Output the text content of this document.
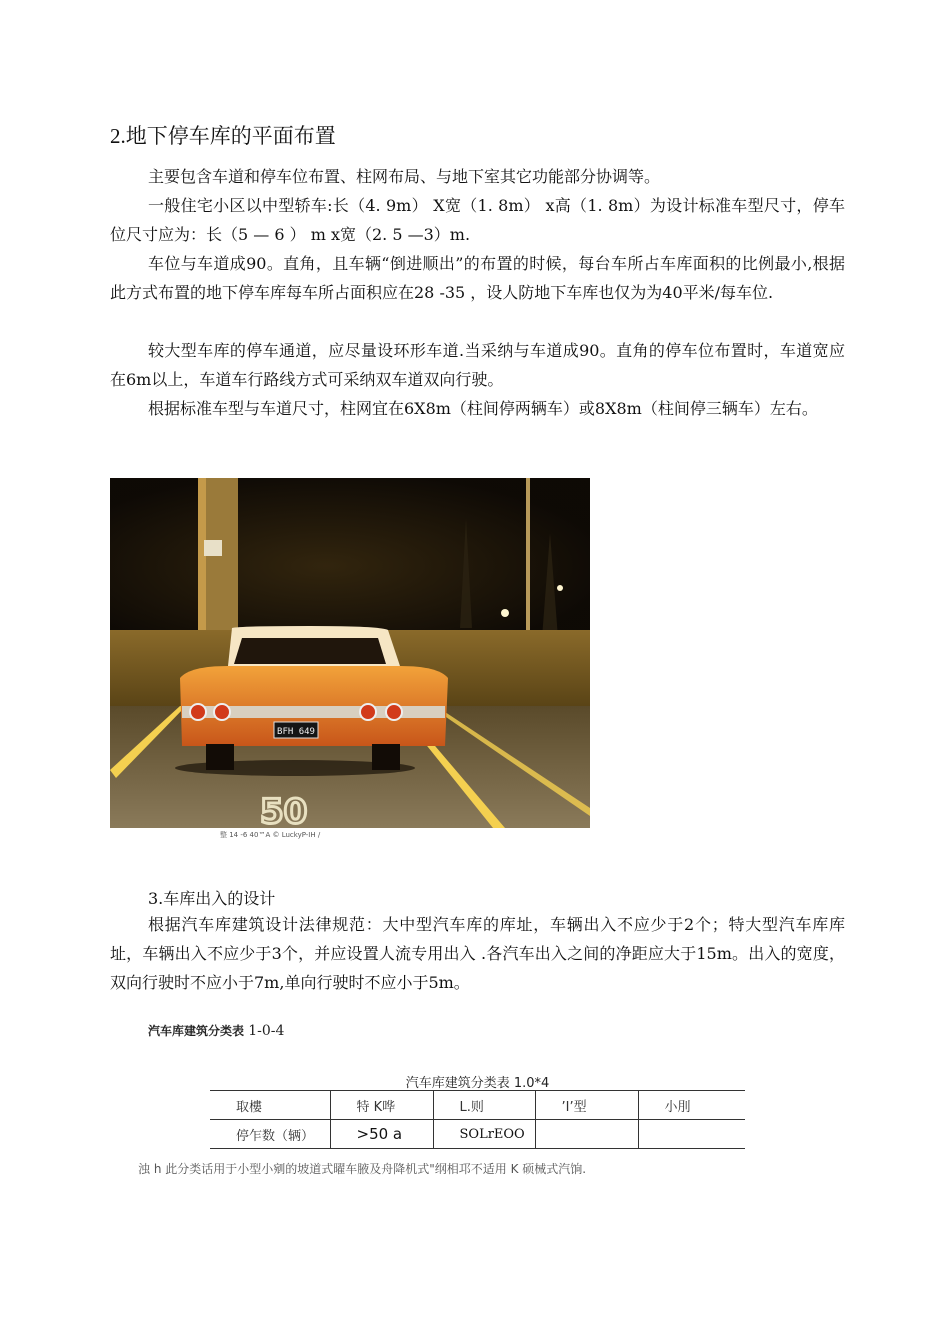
2.地下停车库的平面布置

主要包含车道和停车位布置、柱网布局、与地下室其它功能部分协调等。

一般住宅小区以中型轿车:长（4. 9m） X宽（1. 8m） x高（1. 8m）为设计标准车型尺寸，停车位尺寸应为：长（5 — 6 ） m x宽（2. 5 —3）m.

车位与车道成90。直角，且车辆“倒进顺出”的布置的时候，每台车所占车库面积的比例最小,根据此方式布置的地下停车库每车所占面积应在28 -35 ，设人防地下车库也仅为为40平米/每车位.

较大型车库的停车通道，应尽量设环形车道.当采纳与车道成90。直角的停车位布置时，车道宽应在6m以上，车道车行路线方式可采纳双车道双向行驶。

根据标准车型与车道尺寸，柱网宜在6X8m（柱间停两辆车）或8X8m（柱间停三辆车）左右。

50
BFH 649
整 14 -6 40™A © LuckyP-IH /

3.车库出入的设计

根据汽车库建筑设计法律规范：大中型汽车库的库址，车辆出入不应少于2个；特大型汽车库库址，车辆出入不应少于3个，并应设置人流专用出入 .各汽车出入之间的净距应大于15m。出入的宽度，双向行驶时不应小于7m,单向行驶时不应小于5m。

汽车库建筑分类表 1-0-4
汽车库建筑分类表 1.0*4
取樓	特 K哗	L.则	’I’型	小刖
停乍数（辆）	>50 a	SOLrEOO		
浊 h 此分类话用于小型小剜的坡道式曜车腋及舟降机式"纲相邛不适用 K 硕械式汽饷.
